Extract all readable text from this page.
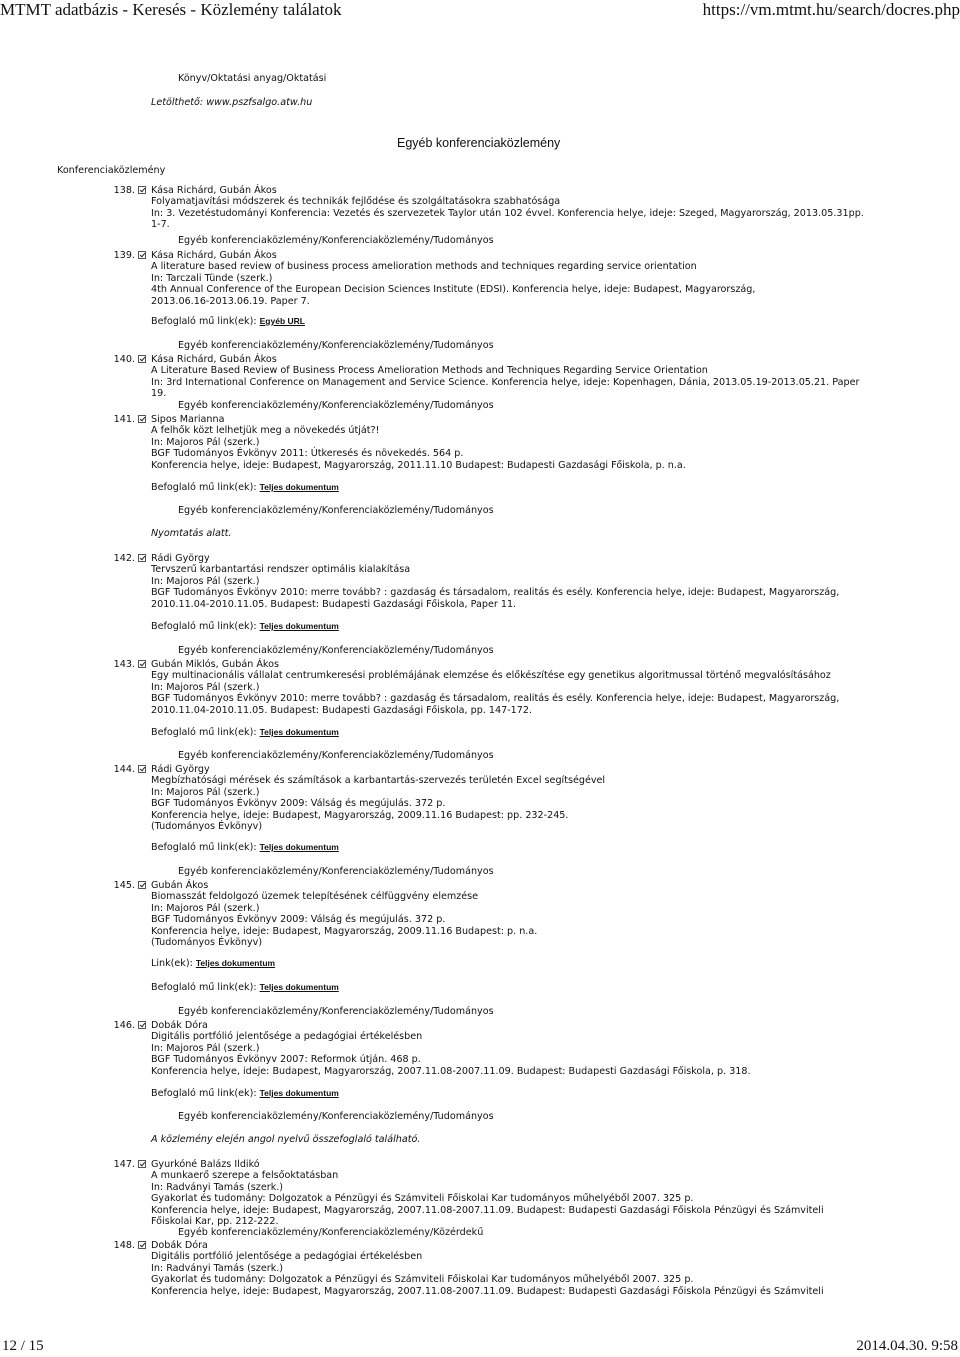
MTMT adatbázis - Keresés - Közlemény találatok	https://vm.mtmt.hu/search/docres.php
Könyv/Oktatási anyag/Oktatási
Letölthető: www.pszfsalgo.atw.hu
Egyéb konferenciaközlemény
Konferenciaközlemény
138. Kása Richárd, Gubán Ákos
Folyamatjavítási módszerek és technikák fejlődése és szolgáltatásokra szabhatósága
In: 3. Vezetéstudományi Konferencia: Vezetés és szervezetek Taylor után 102 évvel. Konferencia helye, ideje: Szeged, Magyarország, 2013.05.31pp.
1-7.
Egyéb konferenciaközlemény/Konferenciaközlemény/Tudományos
139. Kása Richárd, Gubán Ákos
A literature based review of business process amelioration methods and techniques regarding service orientation
In: Tarczali Tünde (szerk.)
4th Annual Conference of the European Decision Sciences Institute (EDSI). Konferencia helye, ideje: Budapest, Magyarország,
2013.06.16-2013.06.19. Paper 7.
Befoglaló mű link(ek): Egyéb URL
Egyéb konferenciaközlemény/Konferenciaközlemény/Tudományos
140. Kása Richárd, Gubán Ákos
A Literature Based Review of Business Process Amelioration Methods and Techniques Regarding Service Orientation
In: 3rd International Conference on Management and Service Science. Konferencia helye, ideje: Kopenhagen, Dánia, 2013.05.19-2013.05.21. Paper
19.
Egyéb konferenciaközlemény/Konferenciaközlemény/Tudományos
141. Sipos Marianna
A felhők közt lelhetjük meg a növekedés útját?!
In: Majoros Pál (szerk.)
BGF Tudományos Évkönyv 2011: Útkeresés és növekedés. 564 p.
Konferencia helye, ideje: Budapest, Magyarország, 2011.11.10 Budapest: Budapesti Gazdasági Főiskola, p. n.a.
Befoglaló mű link(ek): Teljes dokumentum
Egyéb konferenciaközlemény/Konferenciaközlemény/Tudományos
Nyomtatás alatt.
142. Rádi György
Tervszerű karbantartási rendszer optimális kialakítása
In: Majoros Pál (szerk.)
BGF Tudományos Évkönyv 2010: merre tovább? : gazdaság és társadalom, realitás és esély. Konferencia helye, ideje: Budapest, Magyarország,
2010.11.04-2010.11.05. Budapest: Budapesti Gazdasági Főiskola, Paper 11.
Befoglaló mű link(ek): Teljes dokumentum
Egyéb konferenciaközlemény/Konferenciaközlemény/Tudományos
143. Gubán Miklós, Gubán Ákos
Egy multinacionális vállalat centrumkeresési problémájának elemzése és előkészítése egy genetikus algoritmussal történő megvalósításához
In: Majoros Pál (szerk.)
BGF Tudományos Évkönyv 2010: merre tovább? : gazdaság és társadalom, realitás és esély. Konferencia helye, ideje: Budapest, Magyarország,
2010.11.04-2010.11.05. Budapest: Budapesti Gazdasági Főiskola, pp. 147-172.
Befoglaló mű link(ek): Teljes dokumentum
Egyéb konferenciaközlemény/Konferenciaközlemény/Tudományos
144. Rádi György
Megbízhatósági mérések és számítások a karbantartás-szervezés területén Excel segítségével
In: Majoros Pál (szerk.)
BGF Tudományos Évkönyv 2009: Válság és megújulás. 372 p.
Konferencia helye, ideje: Budapest, Magyarország, 2009.11.16 Budapest: pp. 232-245.
(Tudományos Évkönyv)
Befoglaló mű link(ek): Teljes dokumentum
Egyéb konferenciaközlemény/Konferenciaközlemény/Tudományos
145. Gubán Ákos
Biomasszát feldolgozó üzemek telepítésének célfüggvény elemzése
In: Majoros Pál (szerk.)
BGF Tudományos Évkönyv 2009: Válság és megújulás. 372 p.
Konferencia helye, ideje: Budapest, Magyarország, 2009.11.16 Budapest: p. n.a.
(Tudományos Évkönyv)
Link(ek): Teljes dokumentum
Befoglaló mű link(ek): Teljes dokumentum
Egyéb konferenciaközlemény/Konferenciaközlemény/Tudományos
146. Dobák Dóra
Digitális portfólió jelentősége a pedagógiai értékelésben
In: Majoros Pál (szerk.)
BGF Tudományos Évkönyv 2007: Reformok útján. 468 p.
Konferencia helye, ideje: Budapest, Magyarország, 2007.11.08-2007.11.09. Budapest: Budapesti Gazdasági Főiskola, p. 318.
Befoglaló mű link(ek): Teljes dokumentum
Egyéb konferenciaközlemény/Konferenciaközlemény/Tudományos
A közlemény elején angol nyelvű összefoglaló található.
147. Gyurkóné Balázs Ildikó
A munkaerő szerepe a felsőoktatásban
In: Radványi Tamás (szerk.)
Gyakorlat és tudomány: Dolgozatok a Pénzügyi és Számviteli Főiskolai Kar tudományos műhelyéből 2007. 325 p.
Konferencia helye, ideje: Budapest, Magyarország, 2007.11.08-2007.11.09. Budapest: Budapesti Gazdasági Főiskola Pénzügyi és Számviteli
Főiskolai Kar, pp. 212-222.
Egyéb konferenciaközlemény/Konferenciaközlemény/Közérdekű
148. Dobák Dóra
Digitális portfólió jelentősége a pedagógiai értékelésben
In: Radványi Tamás (szerk.)
Gyakorlat és tudomány: Dolgozatok a Pénzügyi és Számviteli Főiskolai Kar tudományos műhelyéből 2007. 325 p.
Konferencia helye, ideje: Budapest, Magyarország, 2007.11.08-2007.11.09. Budapest: Budapesti Gazdasági Főiskola Pénzügyi és Számviteli
12 / 15	2014.04.30. 9:58
